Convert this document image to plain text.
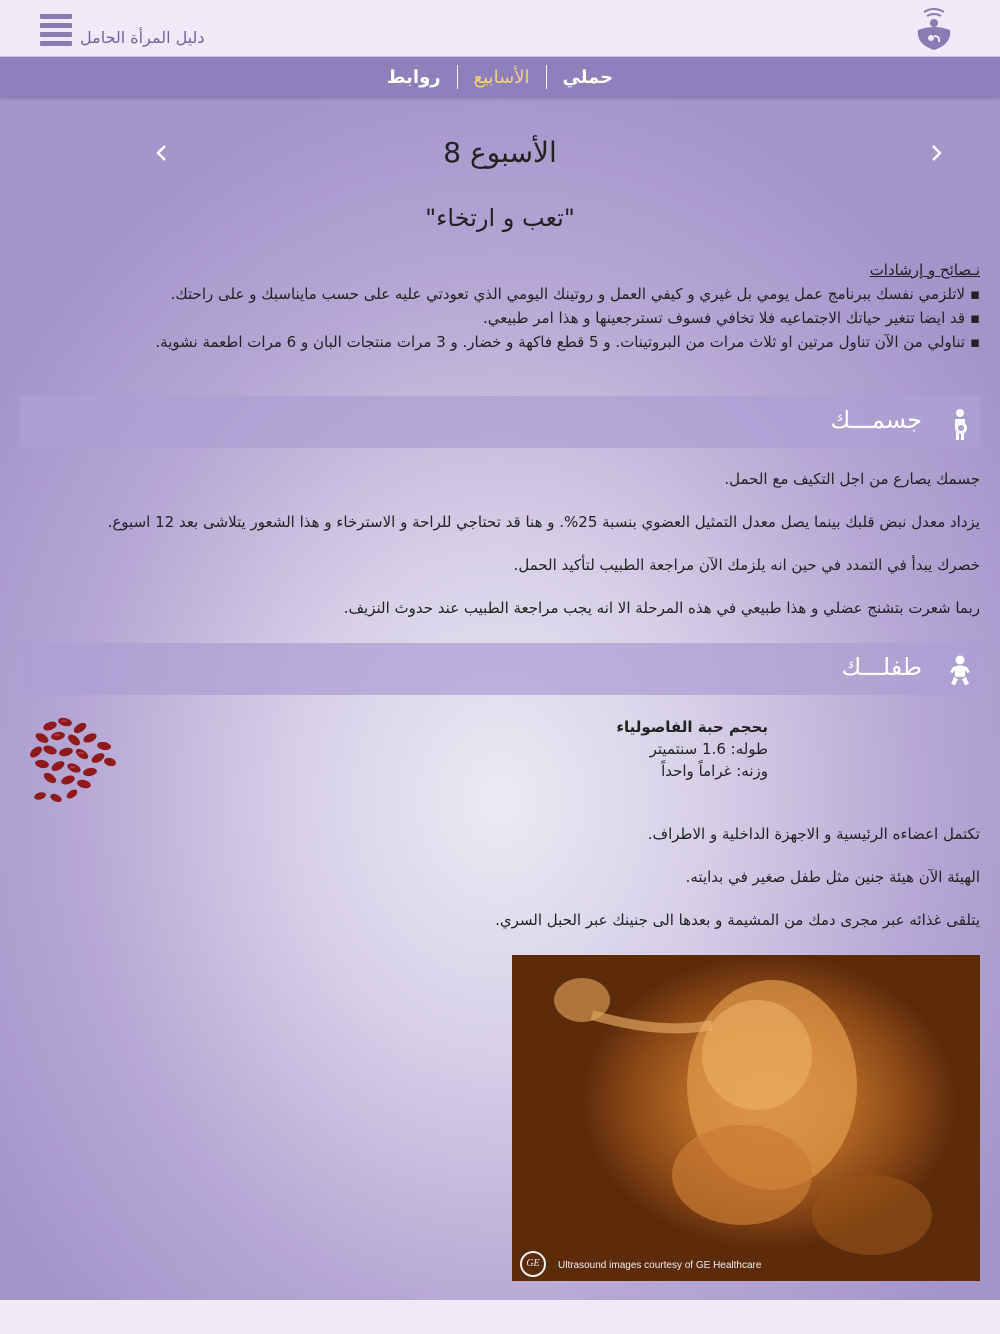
دليل المرأة الحامل
روابط	الأسابيع	حملي
الأسبوع 8
"تعب و ارتخاء"
نـصائح و إرشادات
▪ لاتلزمي نفسك ببرنامج عمل يومي بل غيري و كيفي العمل و روتينك اليومي الذي تعودتي عليه على حسب مايناسبك و على راحتك.
▪ قد ايضا تتغير حياتك الاجتماعيه فلا تخافي فسوف تسترجعينها و هذا امر طبيعي.
▪ تناولي من الآن تناول مرتين او ثلاث مرات من البروتينات. و 5 قطع فاكهة و خضار. و 3 مرات منتجات البان و 6 مرات اطعمة نشوية.
جسمـــك
جسمك يصارع من اجل التكيف مع الحمل.
يزداد معدل نبض قلبك بينما يصل معدل التمثيل العضوي بنسبة 25%. و هنا قد تحتاجي للراحة و الاسترخاء و هذا الشعور يتلاشى بعد 12 اسبوع.
خصرك يبدأ في التمدد في حين انه يلزمك الآن مراجعة الطبيب لتأكيد الحمل.
ربما شعرت بتشنج عضلي و هذا طبيعي في هذه المرحلة الا انه يجب مراجعة الطبيب عند حدوث النزيف.
طفلـــك
بحجم حبة الفاصولياء
طوله: 1.6 سنتميتر
وزنه: غراماً واحداً
تكتمل اعضاءه الرئيسية و الاجهزة الداخلية و الاطراف.
الهيئة الآن هيئة جنين مثل طفل صغير في بدايته.
يتلقى غذائه عبر مجرى دمك من المشيمة و بعدها الى جنينك عبر الحبل السري.
GE	Ultrasound images courtesy of GE Healthcare
